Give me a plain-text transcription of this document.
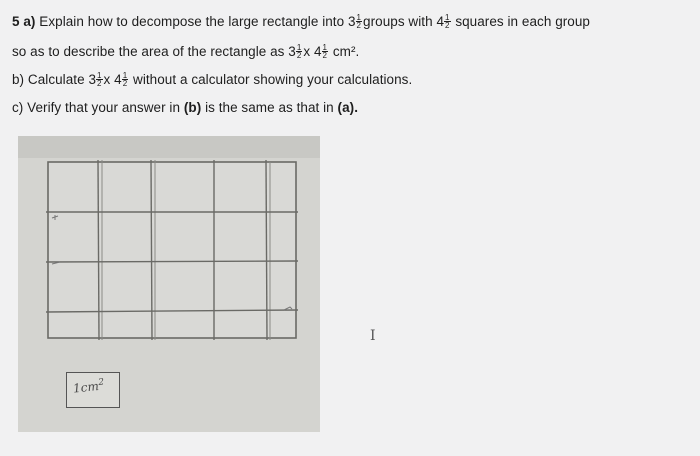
5 a) Explain how to decompose the large rectangle into $3 \frac{1}{2}$ groups with $4 \frac{1}{2}$ squares in each group
so as to describe the area of the rectangle as $3 \frac{1}{2}$ x $4 \frac{1}{2} cm^2$.
b) Calculate $3 \frac{1}{2}$ x $4 \frac{1}{2}$ without a calculator showing your calculations.
c) Verify that your answer in (b) is the same as that in (a).
$1cm^2$
I
